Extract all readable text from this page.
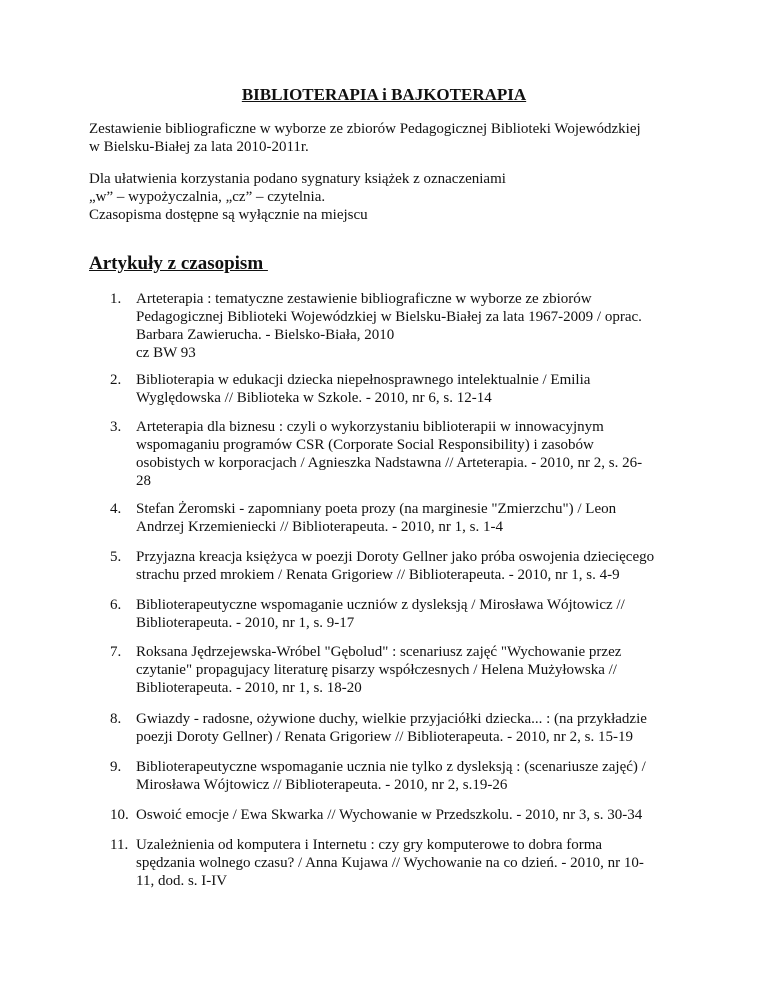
BIBLIOTERAPIA i BAJKOTERAPIA

Zestawienie bibliograficzne w wyborze ze zbiorów Pedagogicznej Biblioteki Wojewódzkiej
w Bielsku-Białej za lata 2010-2011r.

Dla ułatwienia korzystania podano sygnatury książek z oznaczeniami

„w” – wypożyczalnia, „cz” – czytelnia.

Czasopisma dostępne są wyłącznie na miejscu

Artykuły z czasopism
1. Arteterapia : tematyczne zestawienie bibliograficzne w wyborze ze zbiorów
Pedagogicznej Biblioteki Wojewódzkiej w Bielsku-Białej za lata 1967-2009 / oprac.
Barbara Zawierucha. - Bielsko-Biała, 2010
cz BW 93
2. Biblioterapia w edukacji dziecka niepełnosprawnego intelektualnie / Emilia
Wyględowska // Biblioteka w Szkole. - 2010, nr 6, s. 12-14
3. Arteterapia dla biznesu : czyli o wykorzystaniu biblioterapii w innowacyjnym
wspomaganiu programów CSR (Corporate Social Responsibility) i zasobów
osobistych w korporacjach / Agnieszka Nadstawna // Arteterapia. - 2010, nr 2, s. 26-
28
4. Stefan Żeromski - zapomniany poeta prozy (na marginesie "Zmierzchu") / Leon
Andrzej Krzemieniecki // Biblioterapeuta. - 2010, nr 1, s. 1-4
5. Przyjazna kreacja księżyca w poezji Doroty Gellner jako próba oswojenia dziecięcego
strachu przed mrokiem / Renata Grigoriew // Biblioterapeuta. - 2010, nr 1, s. 4-9
6. Biblioterapeutyczne wspomaganie uczniów z dysleksją / Mirosława Wójtowicz //
Biblioterapeuta. - 2010, nr 1, s. 9-17
7. Roksana Jędrzejewska-Wróbel "Gębolud" : scenariusz zajęć "Wychowanie przez
czytanie" propagujacy literaturę pisarzy współczesnych / Helena Mużyłowska //
Biblioterapeuta. - 2010, nr 1, s. 18-20
8. Gwiazdy - radosne, ożywione duchy, wielkie przyjaciółki dziecka... : (na przykładzie
poezji Doroty Gellner) / Renata Grigoriew // Biblioterapeuta. - 2010, nr 2, s. 15-19
9. Biblioterapeutyczne wspomaganie ucznia nie tylko z dysleksją : (scenariusze zajęć) /
Mirosława Wójtowicz // Biblioterapeuta. - 2010, nr 2, s.19-26
10. Oswoić emocje / Ewa Skwarka // Wychowanie w Przedszkolu. - 2010, nr 3, s. 30-34
11. Uzależnienia od komputera i Internetu : czy gry komputerowe to dobra forma
spędzania wolnego czasu? / Anna Kujawa // Wychowanie na co dzień. - 2010, nr 10-
11, dod. s. I-IV
